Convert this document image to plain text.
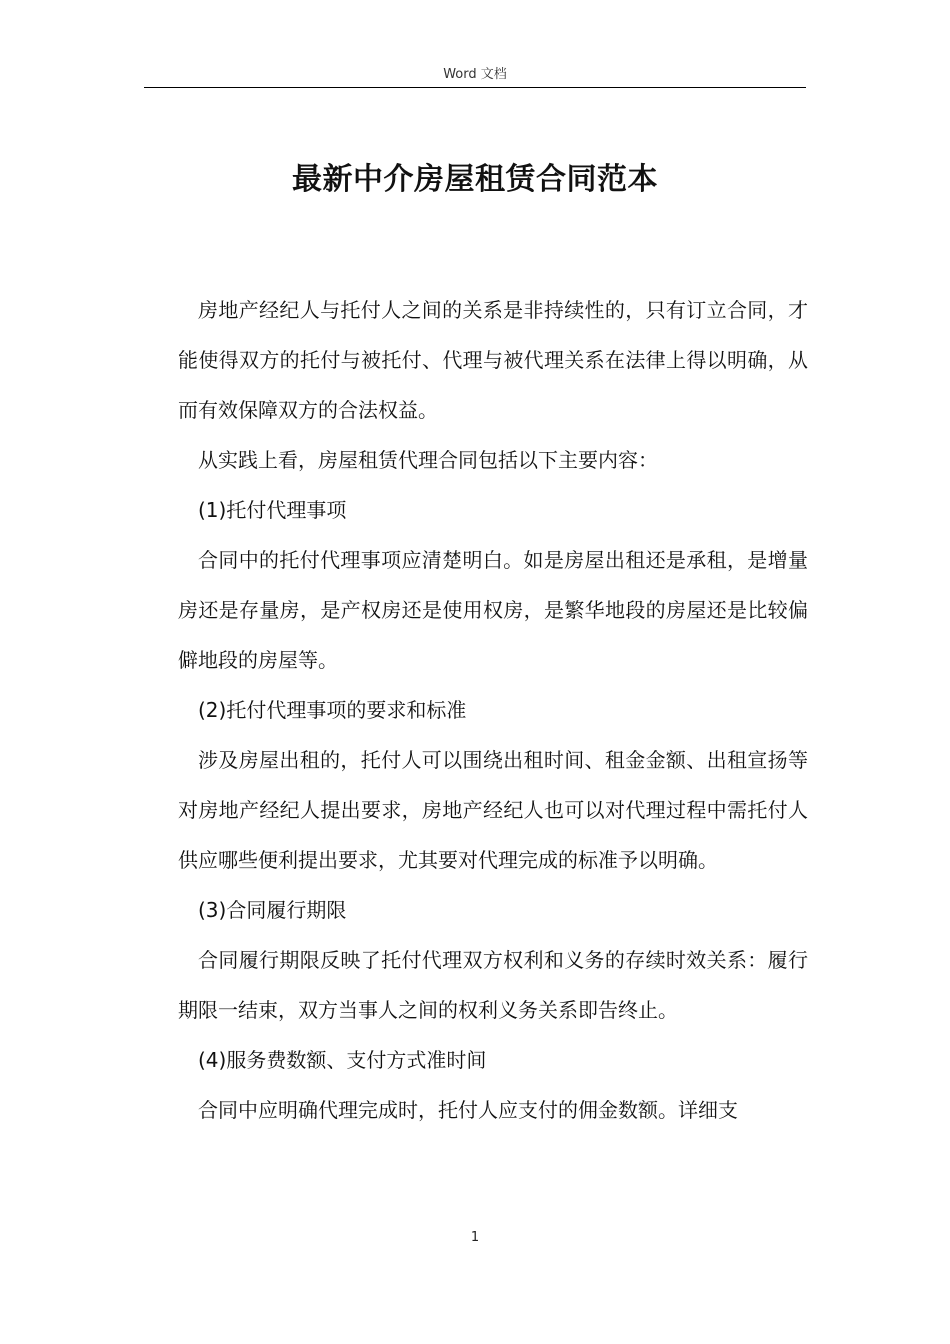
Word 文档
最新中介房屋租赁合同范本

房地产经纪人与托付人之间的关系是非持续性的，只有订立合同，才能使得双方的托付与被托付、代理与被代理关系在法律上得以明确，从而有效保障双方的合法权益。

从实践上看，房屋租赁代理合同包括以下主要内容：

(1)托付代理事项

合同中的托付代理事项应清楚明白。如是房屋出租还是承租，是增量房还是存量房，是产权房还是使用权房，是繁华地段的房屋还是比较偏僻地段的房屋等。

(2)托付代理事项的要求和标准

涉及房屋出租的，托付人可以围绕出租时间、租金金额、出租宣扬等对房地产经纪人提出要求，房地产经纪人也可以对代理过程中需托付人供应哪些便利提出要求，尤其要对代理完成的标准予以明确。

(3)合同履行期限

合同履行期限反映了托付代理双方权利和义务的存续时效关系：履行期限一结束，双方当事人之间的权利义务关系即告终止。

(4)服务费数额、支付方式准时间

合同中应明确代理完成时，托付人应支付的佣金数额。详细支

1
